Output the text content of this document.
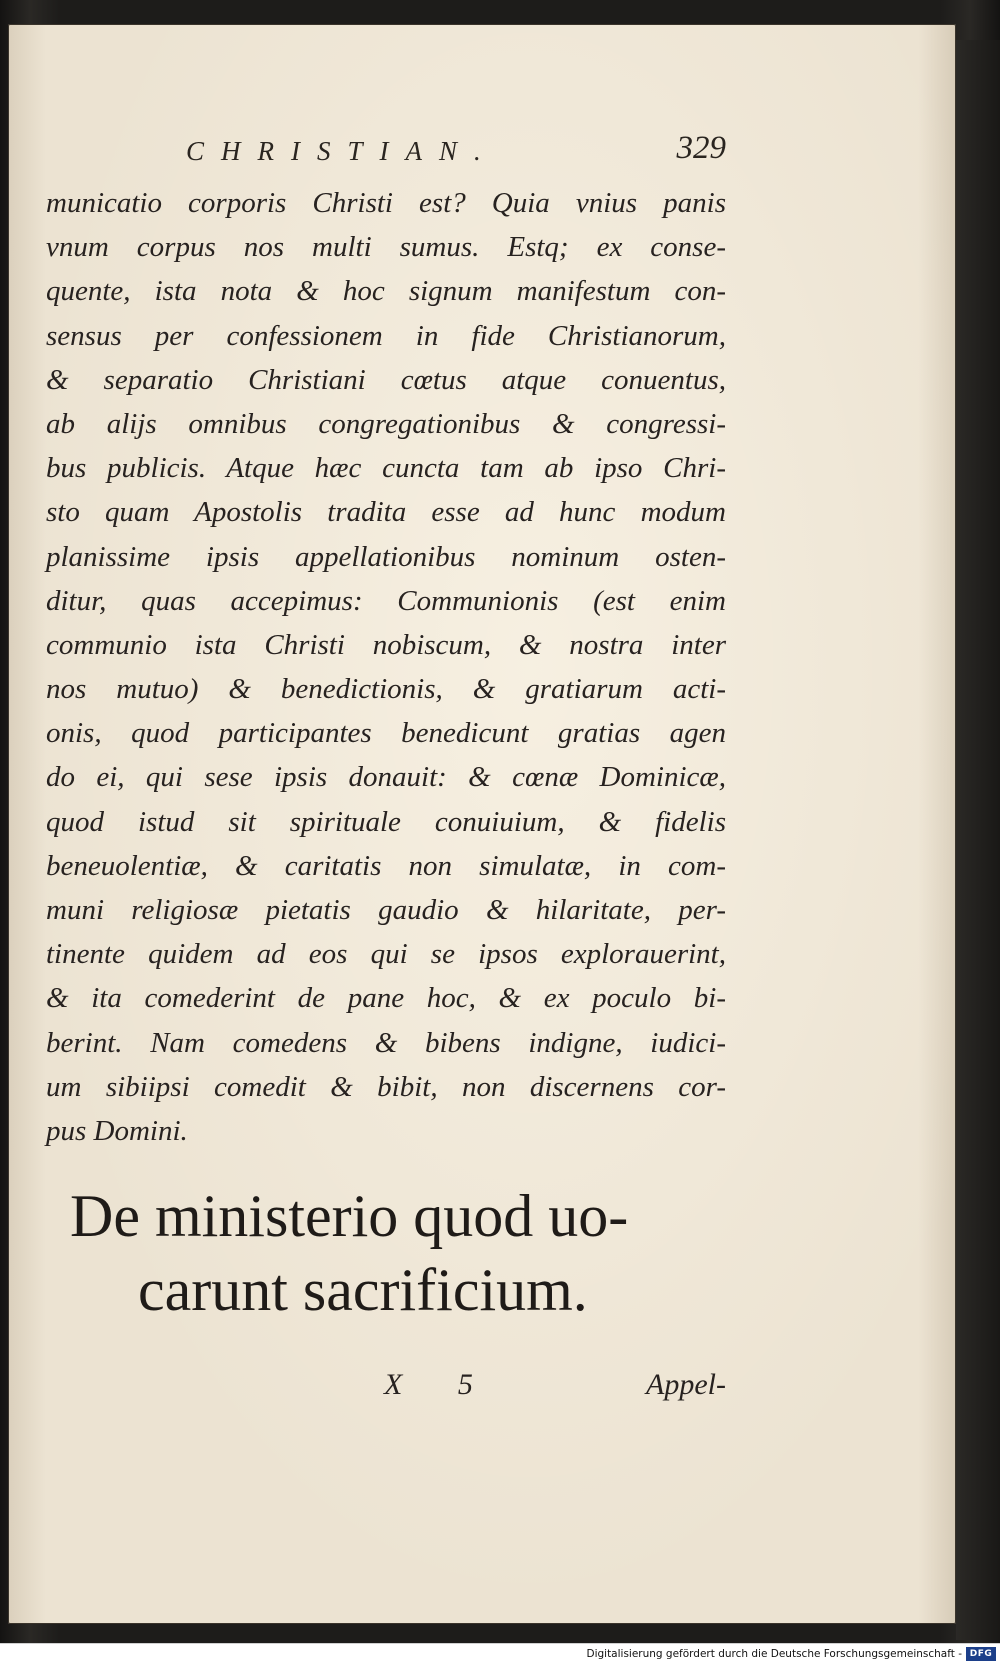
CHRISTIAN.	329
municatio corporis Christi est? Quia vnius panis
vnum corpus nos multi sumus. Estq; ex conse-
quente, ista nota & hoc signum manifestum con-
sensus per confessionem in fide Christianorum,
& separatio Christiani cœtus atque conuentus,
ab alijs omnibus congregationibus & congressi-
bus publicis. Atque hæc cuncta tam ab ipso Chri-
sto quam Apostolis tradita esse ad hunc modum
planissime ipsis appellationibus nominum osten-
ditur, quas accepimus: Communionis (est enim
communio ista Christi nobiscum, & nostra inter
nos mutuo) & benedictionis, & gratiarum acti-
onis, quod participantes benedicunt gratias agen
do ei, qui sese ipsis donauit: & cœnæ Dominicæ,
quod istud sit spirituale conuiuium, & fidelis
beneuolentiæ, & caritatis non simulatæ, in com-
muni religiosæ pietatis gaudio & hilaritate, per-
tinente quidem ad eos qui se ipsos explorauerint,
& ita comederint de pane hoc, & ex poculo bi-
berint. Nam comedens & bibens indigne, iudici-
um sibiipsi comedit & bibit, non discernens cor-
pus Domini.
De ministerio quod uo-
carunt sacrificium.
X 5	Appel-
Digitalisierung gefördert durch die Deutsche Forschungsgemeinschaft - DFG
